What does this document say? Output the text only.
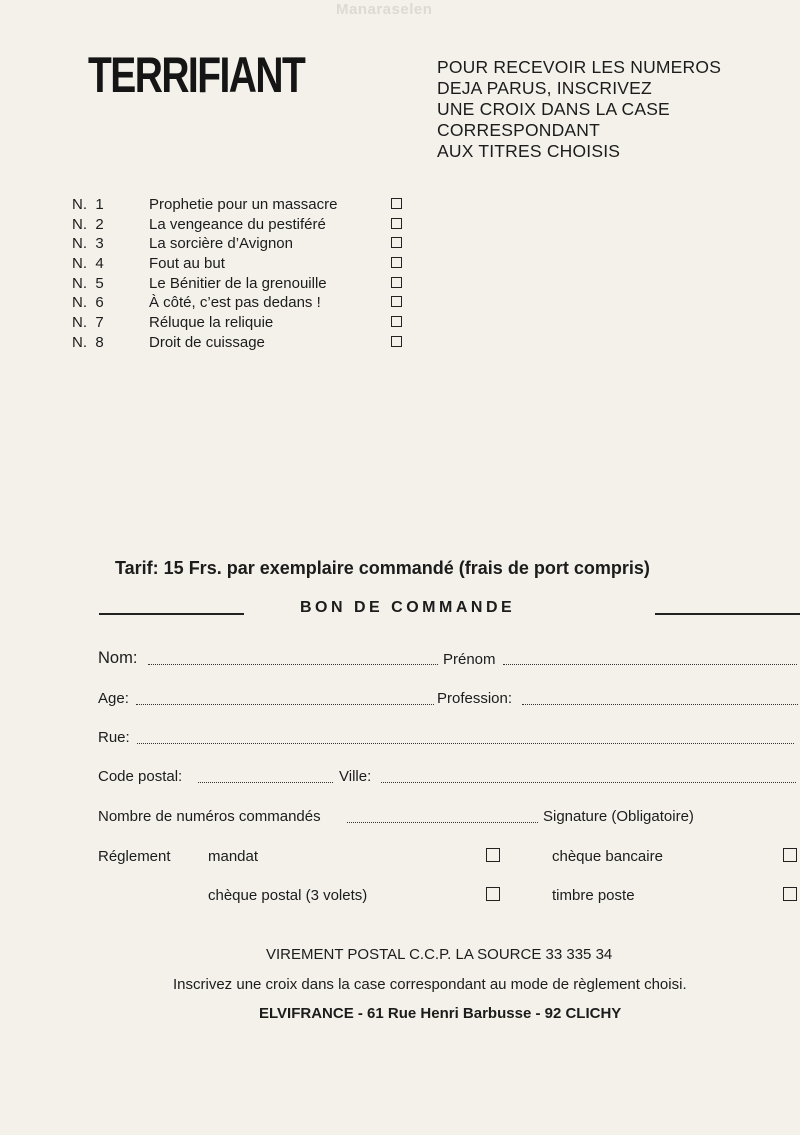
Manaraselen
TERRIFIANT	POUR RECEVOIR LES NUMEROS
DEJA PARUS, INSCRIVEZ
UNE CROIX DANS LA CASE
CORRESPONDANT
AUX TITRES CHOISIS
N.  1	Prophetie pour un massacre
N.  2	La vengeance du pestiféré
N.  3	La sorcière d’Avignon
N.  4	Fout au but
N.  5	Le Bénitier de la grenouille
N.  6	À côté, c’est pas dedans !
N.  7	Réluque la reliquie
N.  8	Droit de cuissage
Tarif: 15 Frs. par exemplaire commandé (frais de port compris)
BON DE COMMANDE
Nom:	Prénom
Age:	Profession:
Rue:
Code postal:	Ville:
Nombre de numéros commandés	Signature (Obligatoire)
Réglement mandat	chèque bancaire
chèque postal (3 volets)	timbre poste
VIREMENT POSTAL C.C.P. LA SOURCE 33 335 34
Inscrivez une croix dans la case correspondant au mode de règlement choisi.
ELVIFRANCE - 61 Rue Henri Barbusse - 92 CLICHY
